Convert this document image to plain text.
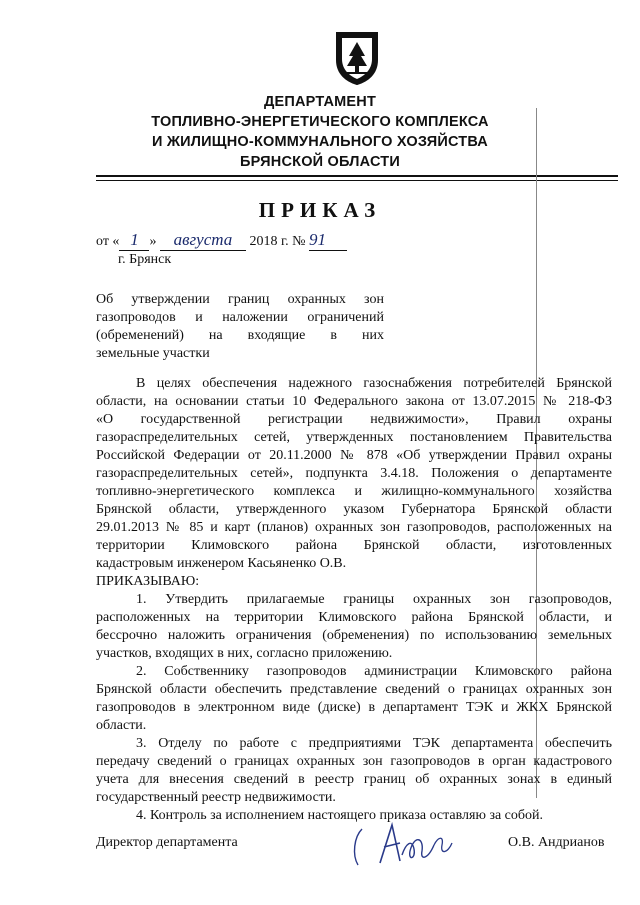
ДЕПАРТАМЕНТ
ТОПЛИВНО-ЭНЕРГЕТИЧЕСКОГО КОМПЛЕКСА
И ЖИЛИЩНО-КОММУНАЛЬНОГО ХОЗЯЙСТВА
БРЯНСКОЙ ОБЛАСТИ
ПРИКАЗ
от « 1 » августа 2018 г. № 91
г. Брянск
Об утверждении границ охранных зон
газопроводов и наложении ограничений
(обременений) на входящие в них
земельные участки
В целях обеспечения надежного газоснабжения потребителей Брянской
области, на основании статьи 10 Федерального закона от 13.07.2015 № 218-ФЗ
«О государственной регистрации недвижимости», Правил охраны
газораспределительных сетей, утвержденных постановлением Правительства
Российской Федерации от 20.11.2000 № 878 «Об утверждении Правил охраны
газораспределительных сетей», подпункта 3.4.18. Положения о департаменте
топливно-энергетического комплекса и жилищно-коммунального хозяйства
Брянской области, утвержденного указом Губернатора Брянской области
29.01.2013 № 85 и карт (планов) охранных зон газопроводов, расположенных на
территории Климовского района Брянской области, изготовленных
кадастровым инженером Касьяненко О.В.
ПРИКАЗЫВАЮ:
1. Утвердить прилагаемые границы охранных зон газопроводов,
расположенных на территории Климовского района Брянской области, и
бессрочно наложить ограничения (обременения) по использованию земельных
участков, входящих в них, согласно приложению.
2. Собственнику газопроводов администрации Климовского района
Брянской области обеспечить представление сведений о границах охранных зон
газопроводов в электронном виде (диске) в департамент ТЭК и ЖКХ Брянской
области.
3. Отделу по работе с предприятиями ТЭК департамента обеспечить
передачу сведений о границах охранных зон газопроводов в орган кадастрового
учета для внесения сведений в реестр границ об охранных зонах в единый
государственный реестр недвижимости.
4. Контроль за исполнением настоящего приказа оставляю за собой.
Директор департамента	О.В. Андрианов
